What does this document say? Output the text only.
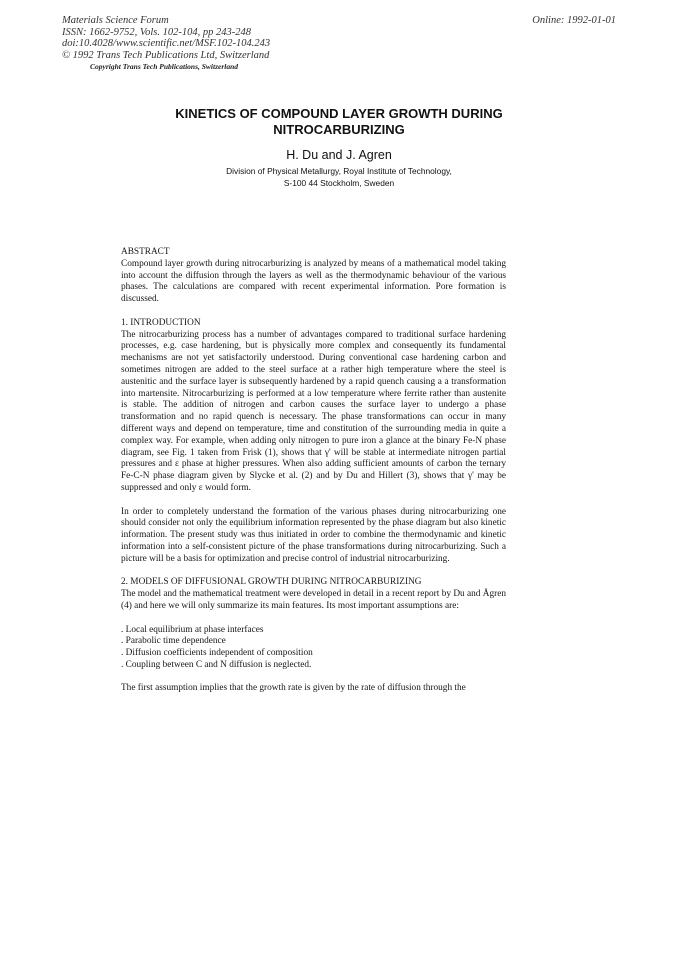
Materials Science Forum
ISSN: 1662-9752, Vols. 102-104, pp 243-248
doi:10.4028/www.scientific.net/MSF.102-104.243
© 1992 Trans Tech Publications Ltd, Switzerland
Copyright Trans Tech Publications, Switzerland
Online: 1992-01-01
KINETICS OF COMPOUND LAYER GROWTH DURING
NITROCARBURIZING
H. Du and J. Agren
Division of Physical Metallurgy, Royal Institute of Technology,
S-100 44 Stockholm, Sweden
ABSTRACT

Compound layer growth during nitrocarburizing is analyzed by means of a mathematical model taking into account the diffusion through the layers as well as the thermodynamic behaviour of the various phases. The calculations are compared with recent experimental information. Pore formation is discussed.

1. INTRODUCTION

The nitrocarburizing process has a number of advantages compared to traditional surface hardening processes, e.g. case hardening, but is physically more complex and consequently its fundamental mechanisms are not yet satisfactorily understood. During conventional case hardening carbon and sometimes nitrogen are added to the steel surface at a rather high temperature where the steel is austenitic and the surface layer is subsequently hardened by a rapid quench causing a a transformation into martensite. Nitrocarburizing is performed at a low temperature where ferrite rather than austenite is stable. The addition of nitrogen and carbon causes the surface layer to undergo a phase transformation and no rapid quench is necessary. The phase transformations can occur in many different ways and depend on temperature, time and constitution of the surrounding media in quite a complex way. For example, when adding only nitrogen to pure iron a glance at the binary Fe-N phase diagram, see Fig. 1 taken from Frisk (1), shows that γ' will be stable at intermediate nitrogen partial pressures and ε phase at higher pressures. When also adding sufficient amounts of carbon the ternary Fe-C-N phase diagram given by Slycke et al. (2) and by Du and Hillert (3), shows that γ' may be suppressed and only ε would form.

In order to completely understand the formation of the various phases during nitrocarburizing one should consider not only the equilibrium information represented by the phase diagram but also kinetic information. The present study was thus initiated in order to combine the thermodynamic and kinetic information into a self-consistent picture of the phase transformations during nitrocarburizing. Such a picture will be a basis for optimization and precise control of industrial nitrocarburizing.

2. MODELS OF DIFFUSIONAL GROWTH DURING NITROCARBURIZING

The model and the mathematical treatment were developed in detail in a recent report by Du and Ågren (4) and here we will only summarize its main features. Its most important assumptions are:

. Local equilibrium at phase interfaces
. Parabolic time dependence
. Diffusion coefficients independent of composition
. Coupling between C and N diffusion is neglected.

The first assumption implies that the growth rate is given by the rate of diffusion through the
